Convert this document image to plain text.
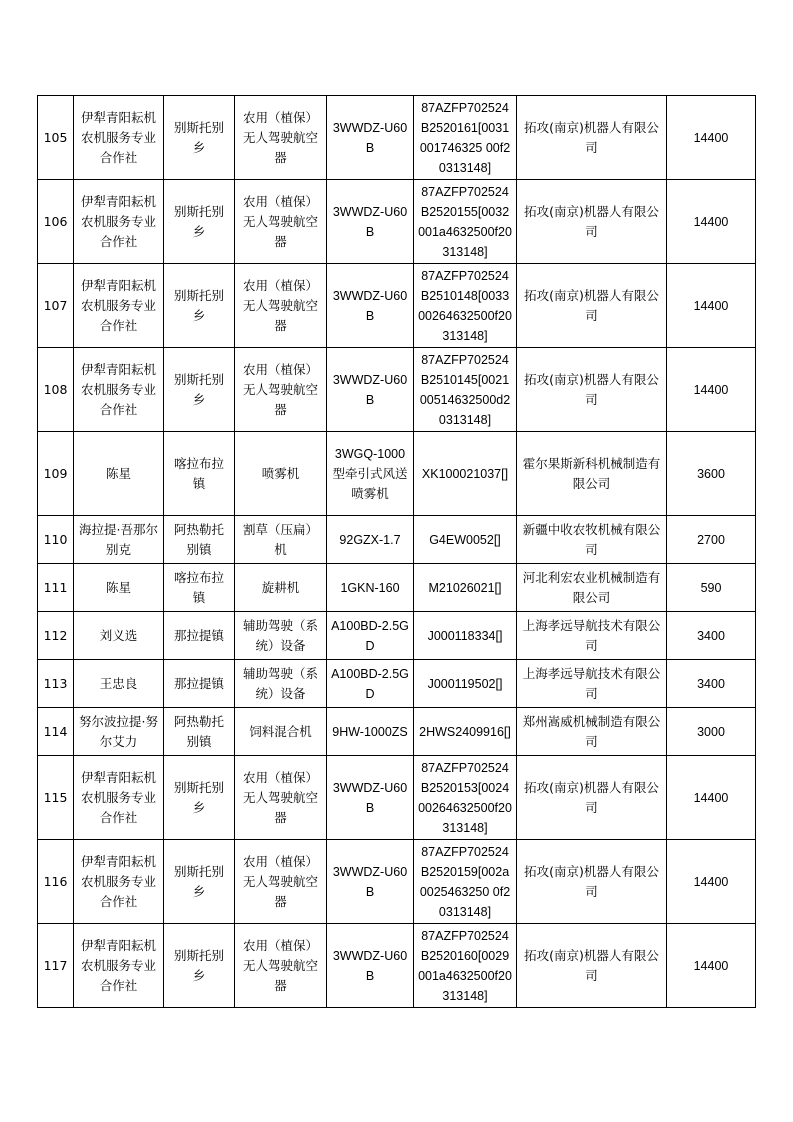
105	伊犁青阳耘机农机服务专业合作社	别斯托别乡	农用（植保）无人驾驶航空器	3WWDZ-U60B	87AZFP702524B2520161[0031001746325 00f20313148]	拓攻(南京)机器人有限公司	14400
106	伊犁青阳耘机农机服务专业合作社	别斯托别乡	农用（植保）无人驾驶航空器	3WWDZ-U60B	87AZFP702524B2520155[0032001a4632500f20313148]	拓攻(南京)机器人有限公司	14400
107	伊犁青阳耘机农机服务专业合作社	别斯托别乡	农用（植保）无人驾驶航空器	3WWDZ-U60B	87AZFP702524B2510148[003300264632500f20313148]	拓攻(南京)机器人有限公司	14400
108	伊犁青阳耘机农机服务专业合作社	别斯托别乡	农用（植保）无人驾驶航空器	3WWDZ-U60B	87AZFP702524B2510145[002100514632500d20313148]	拓攻(南京)机器人有限公司	14400
109	陈星	喀拉布拉镇	喷雾机	3WGQ-1000 型牵引式风送喷雾机	XK100021037[]	霍尔果斯新科机械制造有限公司	3600
110	海拉提·吾那尔别克	阿热勒托别镇	割草（压扁）机	92GZX-1.7	G4EW0052[]	新疆中收农牧机械有限公司	2700
111	陈星	喀拉布拉镇	旋耕机	1GKN-160	M21026021[]	河北利宏农业机械制造有限公司	590
112	刘义选	那拉提镇	辅助驾驶（系统）设备	A100BD-2.5GD	J000118334[]	上海孝远导航技术有限公司	3400
113	王忠良	那拉提镇	辅助驾驶（系统）设备	A100BD-2.5GD	J000119502[]	上海孝远导航技术有限公司	3400
114	努尔波拉提·努尔艾力	阿热勒托别镇	饲料混合机	9HW-1000ZS	2HWS2409916[]	郑州嵩威机械制造有限公司	3000
115	伊犁青阳耘机农机服务专业合作社	别斯托别乡	农用（植保）无人驾驶航空器	3WWDZ-U60B	87AZFP702524B2520153[002400264632500f20313148]	拓攻(南京)机器人有限公司	14400
116	伊犁青阳耘机农机服务专业合作社	别斯托别乡	农用（植保）无人驾驶航空器	3WWDZ-U60B	87AZFP702524B2520159[002a0025463250 0f20313148]	拓攻(南京)机器人有限公司	14400
117	伊犁青阳耘机农机服务专业合作社	别斯托别乡	农用（植保）无人驾驶航空器	3WWDZ-U60B	87AZFP702524B2520160[0029001a4632500f20313148]	拓攻(南京)机器人有限公司	14400
